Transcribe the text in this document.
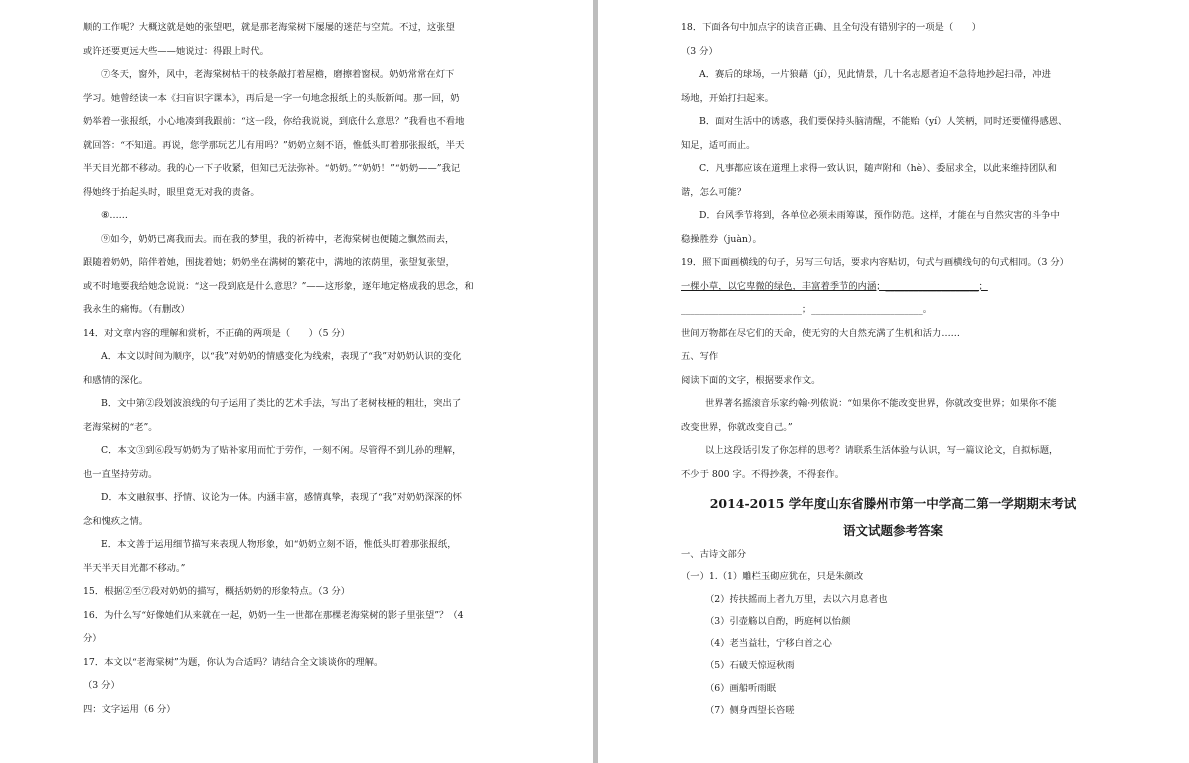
顺的工作呢？大概这就是她的张望吧，就是那老海棠树下屡屡的迷茫与空荒。不过，这张望
或许还要更远大些——她说过：得跟上时代。
⑦冬天，窗外，风中，老海棠树枯干的枝条敲打着屋檐，磨擦着窗棂。奶奶常常在灯下
学习。她曾经读一本《扫盲识字课本》，再后是一字一句地念报纸上的头版新闻。那一回，奶
奶举着一张报纸，小心地凑到我跟前：“这一段，你给我说说，到底什么意思？”我看也不看地
就回答：“不知道。再说，您学那玩艺儿有用吗？”奶奶立刻不语，惟低头盯着那张报纸，半天
半天目光都不移动。我的心一下子收紧，但知已无法弥补。“奶奶。”“奶奶！”“奶奶——”我记
得她终于抬起头时，眼里竟无对我的责备。
⑧……
⑨如今，奶奶已离我而去。而在我的梦里，我的祈祷中，老海棠树也便随之飘然而去，
跟随着奶奶，陪伴着她，围拢着她；奶奶坐在满树的繁花中，满地的浓荫里，张望复张望，
或不时地要我给她念说说：“这一段到底是什么意思？”——这形象，逐年地定格成我的思念，和
我永生的痛悔。（有删改）
14．对文章内容的理解和赏析，不正确的两项是（　　）（5 分）
A．本文以时间为顺序，以“我”对奶奶的情感变化为线索，表现了“我”对奶奶认识的变化
和感情的深化。
B．文中第②段划波浪线的句子运用了类比的艺术手法，写出了老树枝桠的粗壮，突出了
老海棠树的“老”。
C．本文③到⑥段写奶奶为了贴补家用而忙于劳作，一刻不闲。尽管得不到儿孙的理解，
也一直坚持劳动。
D．本文融叙事、抒情、议论为一体。内涵丰富，感情真挚，表现了“我”对奶奶深深的怀
念和愧疚之情。
E．本文善于运用细节描写来表现人物形象，如“奶奶立刻不语，惟低头盯着那张报纸，
半天半天目光都不移动。”
15．根据②至⑦段对奶奶的描写，概括奶奶的形象特点。（3 分）
16．为什么写“好像她们从来就在一起，奶奶一生一世都在那棵老海棠树的影子里张望”？（4
分）
17．本文以“老海棠树”为题，你认为合适吗？请结合全文谈谈你的理解。
（3 分）
四：文字运用（6 分）
18．下面各句中加点字的读音正确、且全句没有错别字的一项是（　　）
（3 分）
A．赛后的球场，一片狼藉（jí），见此情景，几十名志愿者迫不急待地抄起扫帚，冲进
场地，开始打扫起来。
B．面对生活中的诱惑，我们要保持头脑清醒，不能贻（yí）人笑柄，同时还要懂得感恩、
知足，适可而止。
C．凡事都应该在道理上求得一致认识，随声附和（hè）、委屈求全，以此来维持团队和
谐，怎么可能？
D．台风季节将到，各单位必须未雨筹谋，预作防范。这样，才能在与自然灾害的斗争中
稳操胜券（juàn）。
19．照下面画横线的句子，另写三句话，要求内容贴切，句式与画横线句的句式相同。（3 分）
一棵小草，以它卑微的绿色，丰富着季节的内涵；____________________；
__________________________；________________________。
世间万物都在尽它们的天命，使无穷的大自然充满了生机和活力……
五、写作
阅读下面的文字，根据要求作文。
世界著名摇滚音乐家约翰·列侬说：“如果你不能改变世界，你就改变世界；如果你不能
改变世界，你就改变自己。”
以上这段话引发了你怎样的思考？请联系生活体验与认识，写一篇议论文，自拟标题，
不少于 800 字。不得抄袭，不得套作。
2014-2015 学年度山东省滕州市第一中学高二第一学期期末考试
语文试题参考答案
一、古诗文部分
（一）1.（1）雕栏玉砌应犹在，只是朱颜改
（2）抟扶摇而上者九万里，去以六月息者也
（3）引壶觞以自酌，眄庭柯以怡颜
（4）老当益壮，宁移白首之心
（5）石破天惊逗秋雨
（6）画船听雨眠
（7）侧身西望长咨嗟
